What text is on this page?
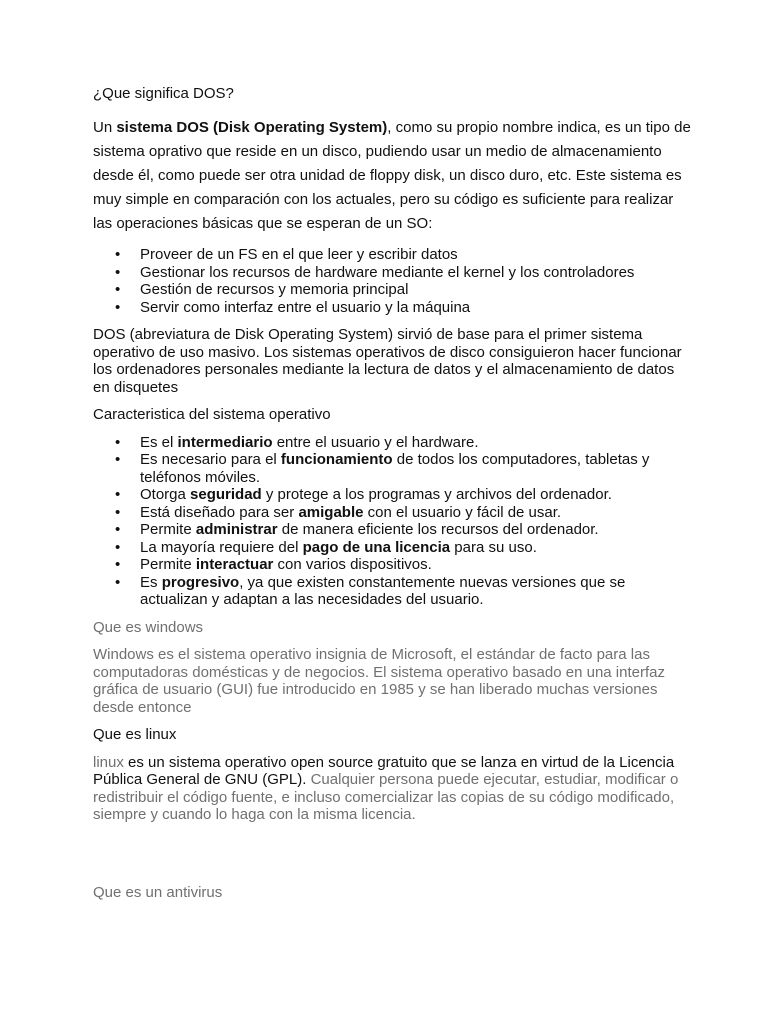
¿Que significa DOS?

Un sistema DOS (Disk Operating System), como su propio nombre indica, es un tipo de sistema oprativo que reside en un disco, pudiendo usar un medio de almacenamiento desde él, como puede ser otra unidad de floppy disk, un disco duro, etc. Este sistema es muy simple en comparación con los actuales, pero su código es suficiente para realizar las operaciones básicas que se esperan de un SO:

• Proveer de un FS en el que leer y escribir datos
• Gestionar los recursos de hardware mediante el kernel y los controladores
• Gestión de recursos y memoria principal
• Servir como interfaz entre el usuario y la máquina

DOS (abreviatura de Disk Operating System) sirvió de base para el primer sistema operativo de uso masivo. Los sistemas operativos de disco consiguieron hacer funcionar los ordenadores personales mediante la lectura de datos y el almacenamiento de datos en disquetes

Caracteristica del sistema operativo

• Es el intermediario entre el usuario y el hardware.
• Es necesario para el funcionamiento de todos los computadores, tabletas y teléfonos móviles.
• Otorga seguridad y protege a los programas y archivos del ordenador.
• Está diseñado para ser amigable con el usuario y fácil de usar.
• Permite administrar de manera eficiente los recursos del ordenador.
• La mayoría requiere del pago de una licencia para su uso.
• Permite interactuar con varios dispositivos.
• Es progresivo, ya que existen constantemente nuevas versiones que se actualizan y adaptan a las necesidades del usuario.

Que es windows

Windows es el sistema operativo insignia de Microsoft, el estándar de facto para las computadoras domésticas y de negocios. El sistema operativo basado en una interfaz gráfica de usuario (GUI) fue introducido en 1985 y se han liberado muchas versiones desde entonce

Que es linux

linux es un sistema operativo open source gratuito que se lanza en virtud de la Licencia Pública General de GNU (GPL). Cualquier persona puede ejecutar, estudiar, modificar o redistribuir el código fuente, e incluso comercializar las copias de su código modificado, siempre y cuando lo haga con la misma licencia.

Que es un antivirus
